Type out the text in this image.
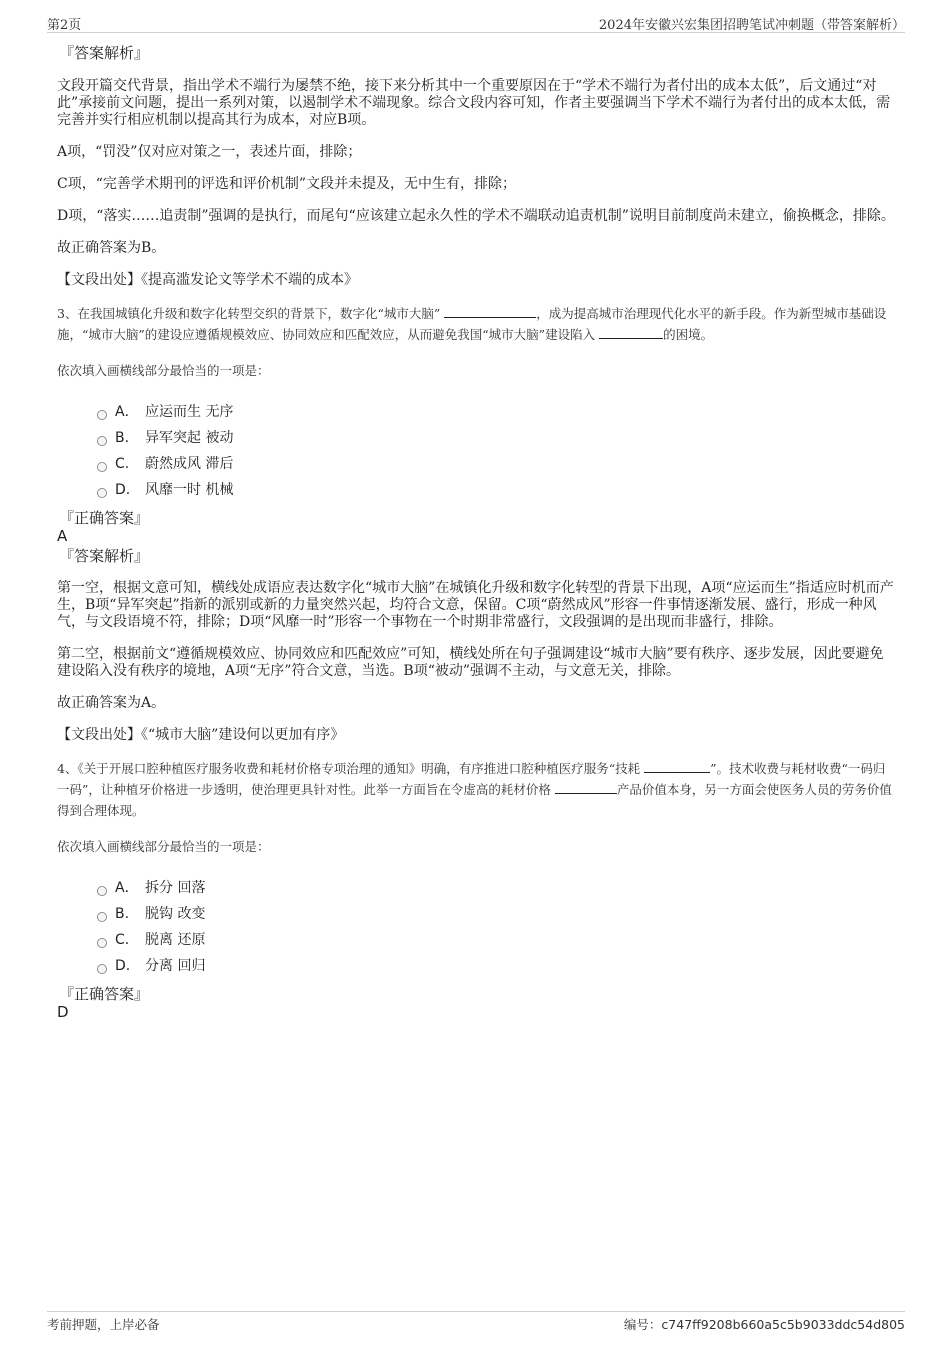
第2页	2024年安徽兴宏集团招聘笔试冲刺题（带答案解析）

『答案解析』

文段开篇交代背景，指出学术不端行为屡禁不绝，接下来分析其中一个重要原因在于“学术不端行为者付出的成本太低”，后文通过“对此”承接前文问题，提出一系列对策，以遏制学术不端现象。综合文段内容可知，作者主要强调当下学术不端行为者付出的成本太低，需完善并实行相应机制以提高其行为成本，对应B项。

A项，“罚没”仅对应对策之一，表述片面，排除；

C项，“完善学术期刊的评选和评价机制”文段并未提及，无中生有，排除；

D项，“落实……追责制”强调的是执行，而尾句“应该建立起永久性的学术不端联动追责机制”说明目前制度尚未建立，偷换概念，排除。

故正确答案为B。

【文段出处】《提高滥发论文等学术不端的成本》

3、在我国城镇化升级和数字化转型交织的背景下，数字化“城市大脑”	，成为提高城市治理现代化水平的新手段。作为新型城市基础设施，“城市大脑”的建设应遵循规模效应、协同效应和匹配效应，从而避免我国“城市大脑”建设陷入	的困境。

依次填入画横线部分最恰当的一项是：

A． 应运而生 无序
B. 异军突起 被动
C. 蔚然成风 滞后
D. 风靡一时 机械

『正确答案』

A

『答案解析』

第一空，根据文意可知，横线处成语应表达数字化“城市大脑”在城镇化升级和数字化转型的背景下出现，A项“应运而生”指适应时机而产生，B项“异军突起”指新的派别或新的力量突然兴起，均符合文意，保留。C项“蔚然成风”形容一件事情逐渐发展、盛行，形成一种风气，与文段语境不符，排除；D项“风靡一时”形容一个事物在一个时期非常盛行，文段强调的是出现而非盛行，排除。

第二空，根据前文“遵循规模效应、协同效应和匹配效应”可知，横线处所在句子强调建设“城市大脑”要有秩序、逐步发展，因此要避免建设陷入没有秩序的境地，A项“无序”符合文意，当选。B项“被动”强调不主动，与文意无关，排除。

故正确答案为A。

【文段出处】《“城市大脑”建设何以更加有序》

4、《关于开展口腔种植医疗服务收费和耗材价格专项治理的通知》明确，有序推进口腔种植医疗服务“技耗	”。技术收费与耗材收费“一码归一码”，让种植牙价格进一步透明，使治理更具针对性。此举一方面旨在令虚高的耗材价格	产品价值本身，另一方面会使医务人员的劳务价值得到合理体现。

依次填入画横线部分最恰当的一项是：

A． 拆分 回落
B. 脱钩 改变
C. 脱离 还原
D. 分离 回归

『正确答案』

D

考前押题，上岸必备	编号：c747ff9208b660a5c5b9033ddc54d805
